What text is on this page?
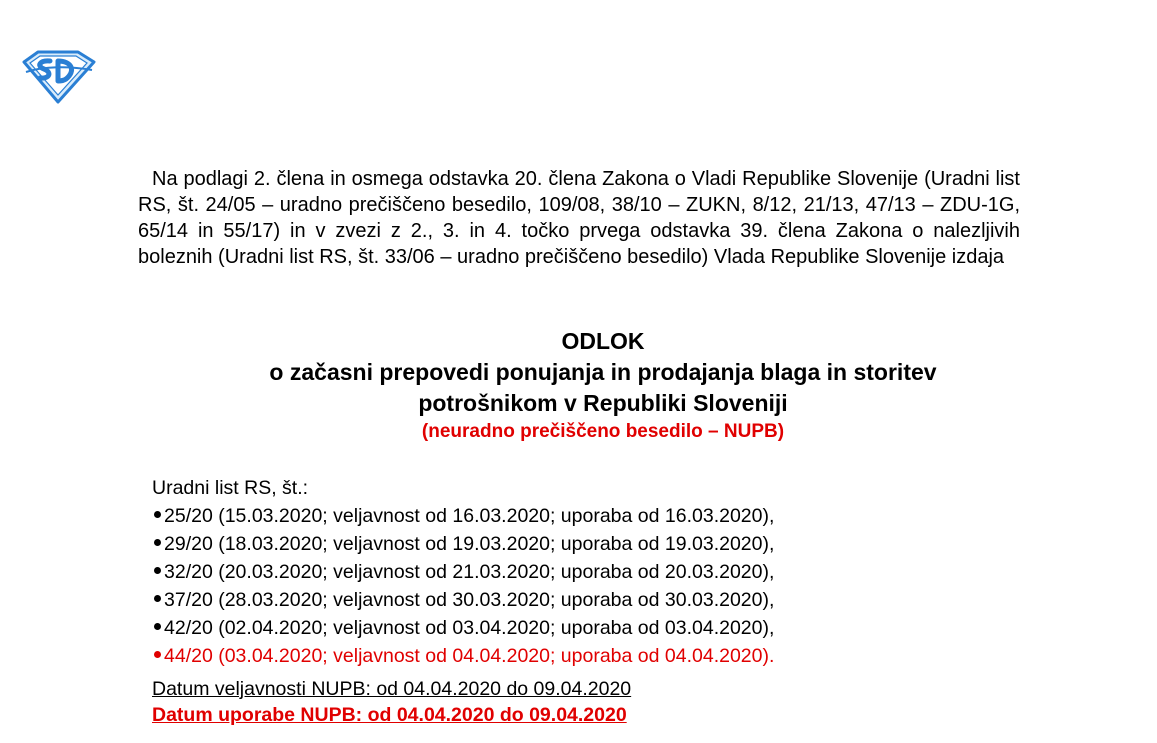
Na podlagi 2. člena in osmega odstavka 20. člena Zakona o Vladi Republike Slovenije (Uradni list RS, št. 24/05 – uradno prečiščeno besedilo, 109/08, 38/10 – ZUKN, 8/12, 21/13, 47/13 – ZDU-1G, 65/14 in 55/17) in v zvezi z 2., 3. in 4. točko prvega odstavka 39. člena Zakona o nalezljivih boleznih (Uradni list RS, št. 33/06 – uradno prečiščeno besedilo) Vlada Republike Slovenije izdaja

ODLOK

o začasni prepovedi ponujanja in prodajanja blaga in storitev

potrošnikom v Republiki Sloveniji

(neuradno prečiščeno besedilo – NUPB)

Uradni list RS, št.:

25/20 (15.03.2020; veljavnost od 16.03.2020; uporaba od 16.03.2020),
29/20 (18.03.2020; veljavnost od 19.03.2020; uporaba od 19.03.2020),
32/20 (20.03.2020; veljavnost od 21.03.2020; uporaba od 20.03.2020),
37/20 (28.03.2020; veljavnost od 30.03.2020; uporaba od 30.03.2020),
42/20 (02.04.2020; veljavnost od 03.04.2020; uporaba od 03.04.2020),
44/20 (03.04.2020; veljavnost od 04.04.2020; uporaba od 04.04.2020).

Datum veljavnosti NUPB: od 04.04.2020 do 09.04.2020

Datum uporabe NUPB: od 04.04.2020 do 09.04.2020
